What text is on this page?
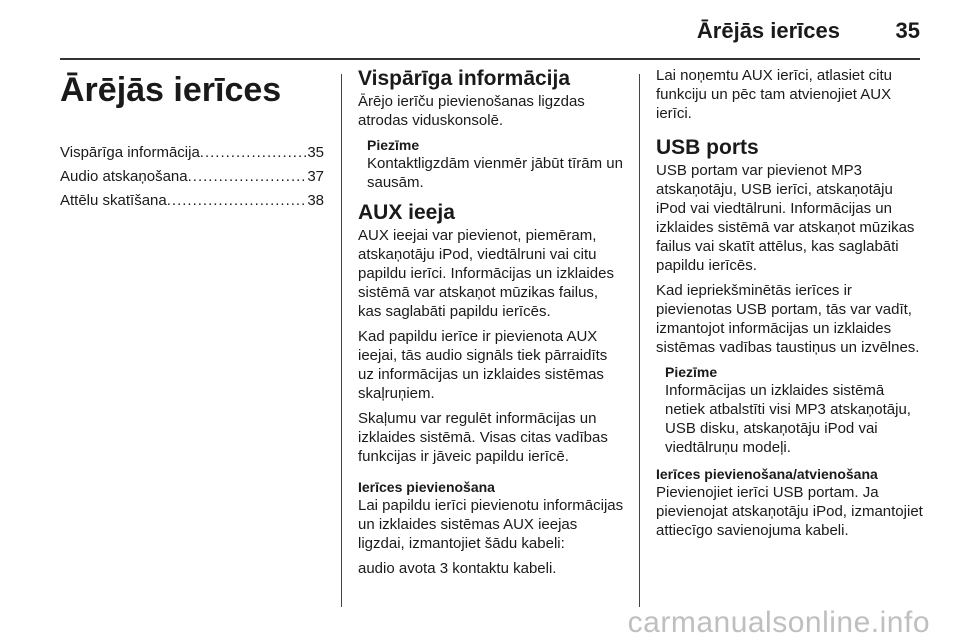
Ārējās ierīces	35
Ārējās ierīces
Vispārīga informācija .....	35
Audio atskaņošana .....	37
Attēlu skatīšana .....	38
Vispārīga informācija

Ārējo ierīču pievienošanas ligzdas atrodas viduskonsolē.

Piezīme
Kontaktligzdām vienmēr jābūt tīrām un sausām.
AUX ieeja

AUX ieejai var pievienot, piemēram, atskaņotāju iPod, viedtālruni vai citu papildu ierīci. Informācijas un izklaides sistēmā var atskaņot mūzikas failus, kas saglabāti papildu ierīcēs.

Kad papildu ierīce ir pievienota AUX ieejai, tās audio signāls tiek pārraidīts uz informācijas un izklaides sistēmas skaļruņiem.

Skaļumu var regulēt informācijas un izklaides sistēmā. Visas citas vadības funkcijas ir jāveic papildu ierīcē.

Ierīces pievienošana

Lai papildu ierīci pievienotu informācijas un izklaides sistēmas AUX ieejas ligzdai, izmantojiet šādu kabeli:

audio avota 3 kontaktu kabeli.

Lai noņemtu AUX ierīci, atlasiet citu funkciju un pēc tam atvienojiet AUX ierīci.

USB ports

USB portam var pievienot MP3 atskaņotāju, USB ierīci, atskaņotāju iPod vai viedtālruni. Informācijas un izklaides sistēmā var atskaņot mūzikas failus vai skatīt attēlus, kas saglabāti papildu ierīcēs.

Kad iepriekšminētās ierīces ir pievienotas USB portam, tās var vadīt, izmantojot informācijas un izklaides sistēmas vadības taustiņus un izvēlnes.

Piezīme
Informācijas un izklaides sistēmā netiek atbalstīti visi MP3 atskaņotāju, USB disku, atskaņotāju iPod vai viedtālruņu modeļi.
Ierīces pievienošana/atvienošana

Pievienojiet ierīci USB portam. Ja pievienojat atskaņotāju iPod, izmantojiet attiecīgo savienojuma kabeli.

carmanualsonline.info
